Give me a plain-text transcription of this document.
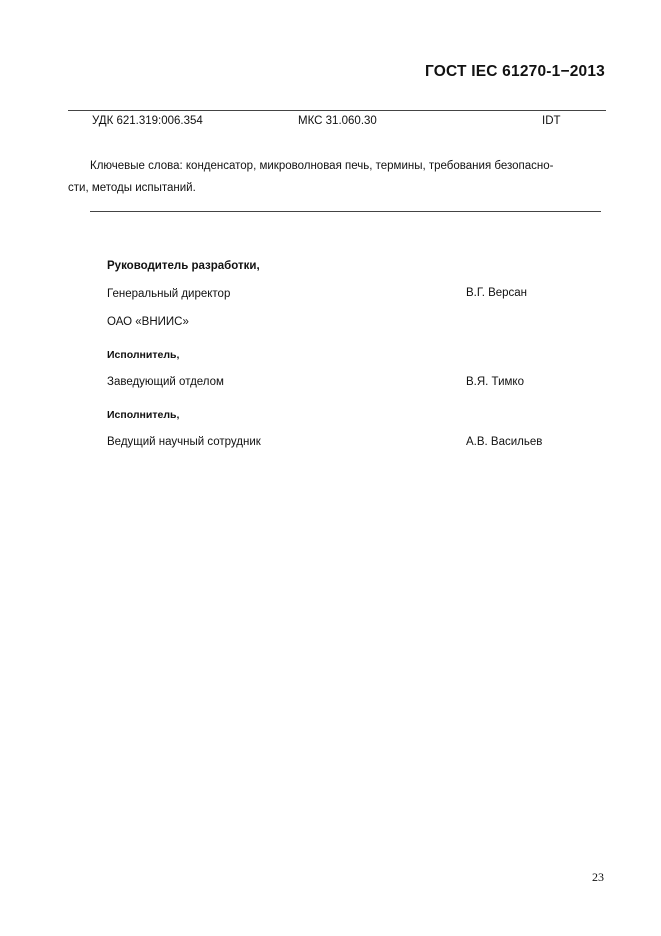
ГОСТ IEC 61270-1−2013
УДК 621.319:006.354	МКС 31.060.30	IDT
Ключевые слова: конденсатор, микроволновая печь, термины, требования безопасно-
сти, методы испытаний.
Руководитель разработки,
Генеральный директор	В.Г. Версан
ОАО «ВНИИС»
Исполнитель,
Заведующий отделом	В.Я. Тимко
Исполнитель,
Ведущий научный сотрудник	А.В. Васильев
23
